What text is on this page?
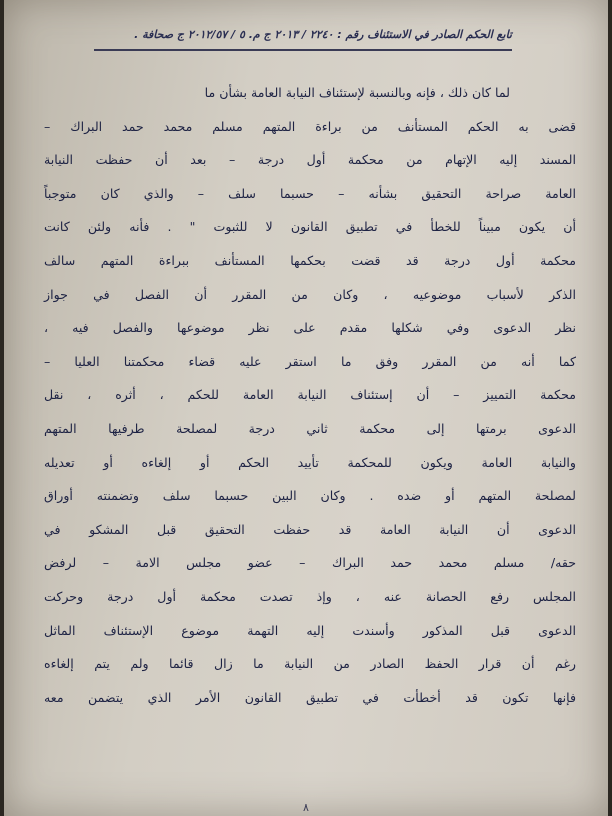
تابع الحكم الصادر في الاستئناف رقم : ٢٢٤٠ / ٢٠١٣ ج م. ٥ / ٢٠١٢/٥٧ ج صحافة .
لما كان ذلك ، فإنه وبالنسبة لإستئناف النيابة العامة بشأن ما
قضى به الحكم المستأنف من براءة المتهم مسلم محمد حمد البراك –
المسند إليه الإتهام من محكمة أول درجة – بعد أن حفظت النيابة
العامة صراحة التحقيق بشأنه – حسبما سلف – والذي كان متوجباً
أن يكون مبيناً للخطأ في تطبيق القانون لا للثبوت " . فأنه ولئن كانت
محكمة أول درجة قد قضت بحكمها المستأنف ببراءة المتهم سالف
الذكر لأسباب موضوعيه ، وكان من المقرر أن الفصل في جواز
نظر الدعوى وفي شكلها مقدم على نظر موضوعها والفصل فيه ،
كما أنه من المقرر وفق ما استقر عليه قضاء محكمتنا العليا –
محكمة التمييز – أن إستئناف النيابة العامة للحكم ، أثره ، نقل
الدعوى برمتها إلى محكمة ثاني درجة لمصلحة طرفيها المتهم
والنيابة العامة ويكون للمحكمة تأييد الحكم أو إلغاءه أو تعديله
لمصلحة المتهم أو ضده . وكان البين حسبما سلف وتضمنته أوراق
الدعوى أن النيابة العامة قد حفظت التحقيق قبل المشكو في
حقه/ مسلم محمد حمد البراك – عضو مجلس الامة – لرفض
المجلس رفع الحصانة عنه ، وإذ تصدت محكمة أول درجة وحركت
الدعوى قبل المذكور وأسندت إليه التهمة موضوع الإستئناف الماثل
رغم أن قرار الحفظ الصادر من النيابة ما زال قائما ولم يتم إلغاءه
فإنها تكون قد أخطأت في تطبيق القانون الأمر الذي يتضمن معه
٨
